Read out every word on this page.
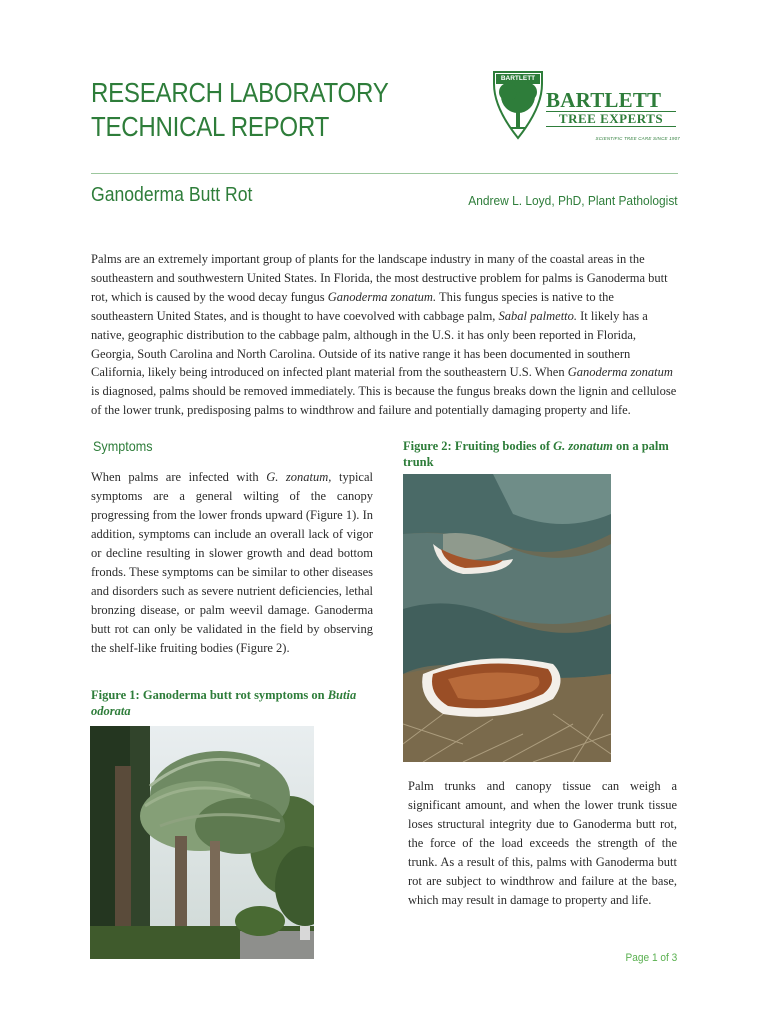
RESEARCH LABORATORY
TECHNICAL REPORT
BARTLETT
BARTLETT
TREE EXPERTS
SCIENTIFIC TREE CARE SINCE 1907
Ganoderma Butt Rot	Andrew L. Loyd, PhD, Plant Pathologist

Palms are an extremely important group of plants for the landscape industry in many of the coastal areas in the southeastern and southwestern United States. In Florida, the most destructive problem for palms is Ganoderma butt rot, which is caused by the wood decay fungus Ganoderma zonatum. This fungus species is native to the southeastern United States, and is thought to have coevolved with cabbage palm, Sabal palmetto. It likely has a native, geographic distribution to the cabbage palm, although in the U.S. it has only been reported in Florida, Georgia, South Carolina and North Carolina. Outside of its native range it has been documented in southern California, likely being introduced on infected plant material from the southeastern U.S. When Ganoderma zonatum is diagnosed, palms should be removed immediately. This is because the fungus breaks down the lignin and cellulose of the lower trunk, predisposing palms to windthrow and failure and potentially damaging property and life.

Symptoms

When palms are infected with G. zonatum, typical symptoms are a general wilting of the canopy progressing from the lower fronds upward (Figure 1). In addition, symptoms can include an overall lack of vigor or decline resulting in slower growth and dead bottom fronds. These symptoms can be similar to other diseases and disorders such as severe nutrient deficiencies, lethal bronzing disease, or palm weevil damage. Ganoderma butt rot can only be validated in the field by observing the shelf-like fruiting bodies (Figure 2).

Figure 1: Ganoderma butt rot symptoms on Butia odorata

Figure 2: Fruiting bodies of G. zonatum on a palm trunk

Palm trunks and canopy tissue can weigh a significant amount, and when the lower trunk tissue loses structural integrity due to Ganoderma butt rot, the force of the load exceeds the strength of the trunk. As a result of this, palms with Ganoderma butt rot are subject to windthrow and failure at the base, which may result in damage to property and life.

Page 1 of 3
